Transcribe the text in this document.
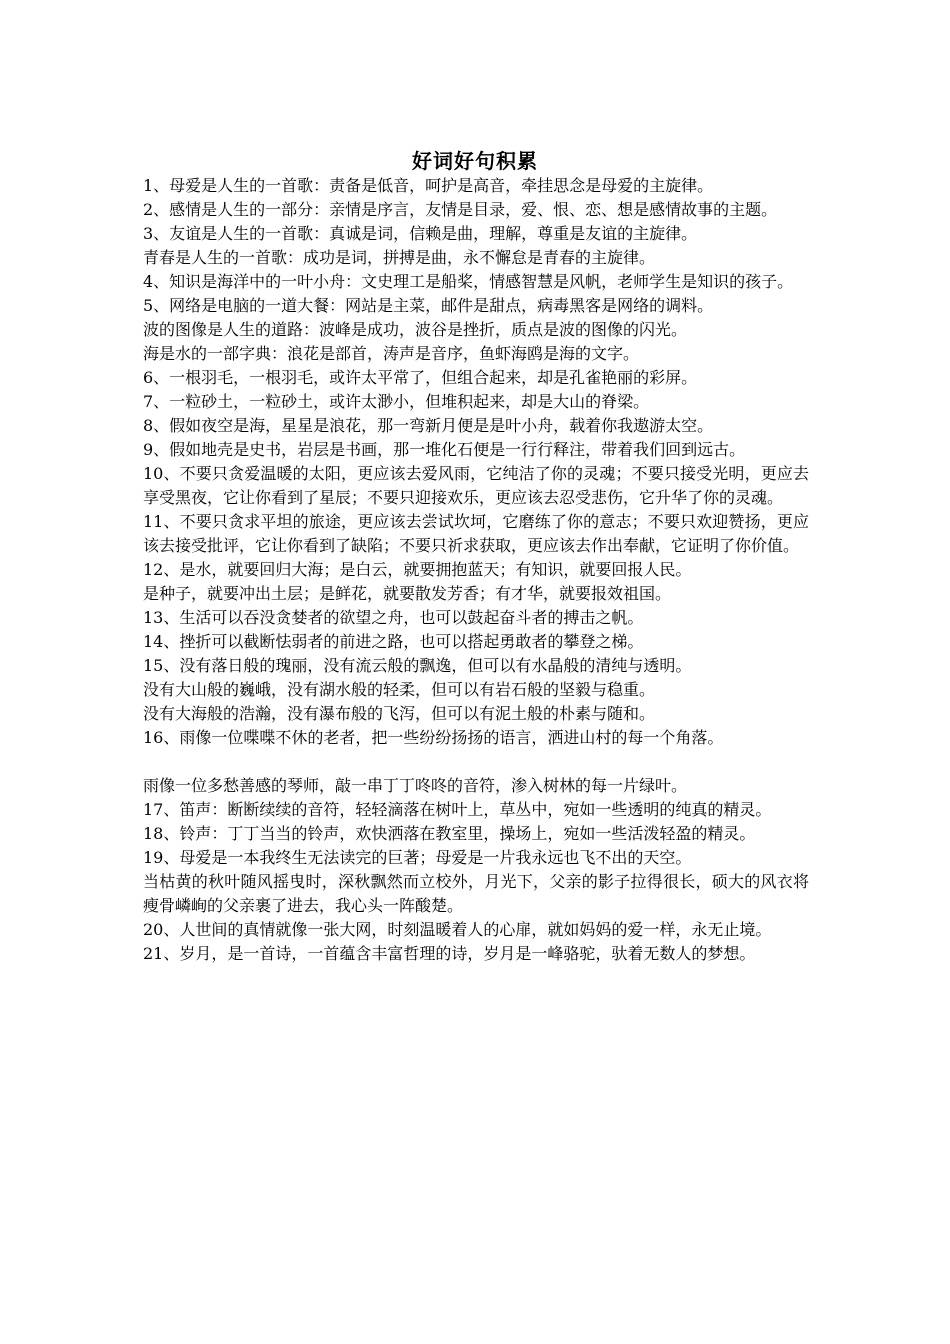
好词好句积累

1、母爱是人生的一首歌：责备是低音，呵护是高音，牵挂思念是母爱的主旋律。

2、感情是人生的一部分：亲情是序言，友情是目录，爱、恨、恋、想是感情故事的主题。

3、友谊是人生的一首歌：真诚是词，信赖是曲，理解，尊重是友谊的主旋律。

青春是人生的一首歌：成功是词，拼搏是曲，永不懈怠是青春的主旋律。

4、知识是海洋中的一叶小舟：文史理工是船桨，情感智慧是风帆，老师学生是知识的孩子。

5、网络是电脑的一道大餐：网站是主菜，邮件是甜点，病毒黑客是网络的调料。

波的图像是人生的道路：波峰是成功，波谷是挫折，质点是波的图像的闪光。

海是水的一部字典：浪花是部首，涛声是音序，鱼虾海鸥是海的文字。

6、一根羽毛，一根羽毛，或许太平常了，但组合起来，却是孔雀艳丽的彩屏。

7、一粒砂土，一粒砂土，或许太渺小，但堆积起来，却是大山的脊梁。

8、假如夜空是海，星星是浪花，那一弯新月便是是叶小舟，载着你我遨游太空。

9、假如地壳是史书，岩层是书画，那一堆化石便是一行行释注，带着我们回到远古。

10、不要只贪爱温暖的太阳，更应该去爱风雨，它纯洁了你的灵魂；不要只接受光明，更应去享受黑夜，它让你看到了星辰；不要只迎接欢乐，更应该去忍受悲伤，它升华了你的灵魂。

11、不要只贪求平坦的旅途，更应该去尝试坎坷，它磨练了你的意志；不要只欢迎赞扬，更应该去接受批评，它让你看到了缺陷；不要只祈求获取，更应该去作出奉献，它证明了你价值。

12、是水，就要回归大海；是白云，就要拥抱蓝天；有知识，就要回报人民。

是种子，就要冲出土层；是鲜花，就要散发芳香；有才华，就要报效祖国。

13、生活可以吞没贪婪者的欲望之舟，也可以鼓起奋斗者的搏击之帆。

14、挫折可以截断怯弱者的前进之路，也可以搭起勇敢者的攀登之梯。

15、没有落日般的瑰丽，没有流云般的飘逸，但可以有水晶般的清纯与透明。

没有大山般的巍峨，没有湖水般的轻柔，但可以有岩石般的坚毅与稳重。

没有大海般的浩瀚，没有瀑布般的飞泻，但可以有泥土般的朴素与随和。

16、雨像一位喋喋不休的老者，把一些纷纷扬扬的语言，洒进山村的每一个角落。

雨像一位多愁善感的琴师，敲一串丁丁咚咚的音符，渗入树林的每一片绿叶。

17、笛声：断断续续的音符，轻轻滴落在树叶上，草丛中，宛如一些透明的纯真的精灵。

18、铃声：丁丁当当的铃声，欢快洒落在教室里，操场上，宛如一些活泼轻盈的精灵。

19、母爱是一本我终生无法读完的巨著；母爱是一片我永远也飞不出的天空。

当枯黄的秋叶随风摇曳时，深秋飘然而立校外，月光下，父亲的影子拉得很长，硕大的风衣将瘦骨嶙峋的父亲裹了进去，我心头一阵酸楚。

20、人世间的真情就像一张大网，时刻温暖着人的心扉，就如妈妈的爱一样，永无止境。

21、岁月，是一首诗，一首蕴含丰富哲理的诗，岁月是一峰骆驼，驮着无数人的梦想。
